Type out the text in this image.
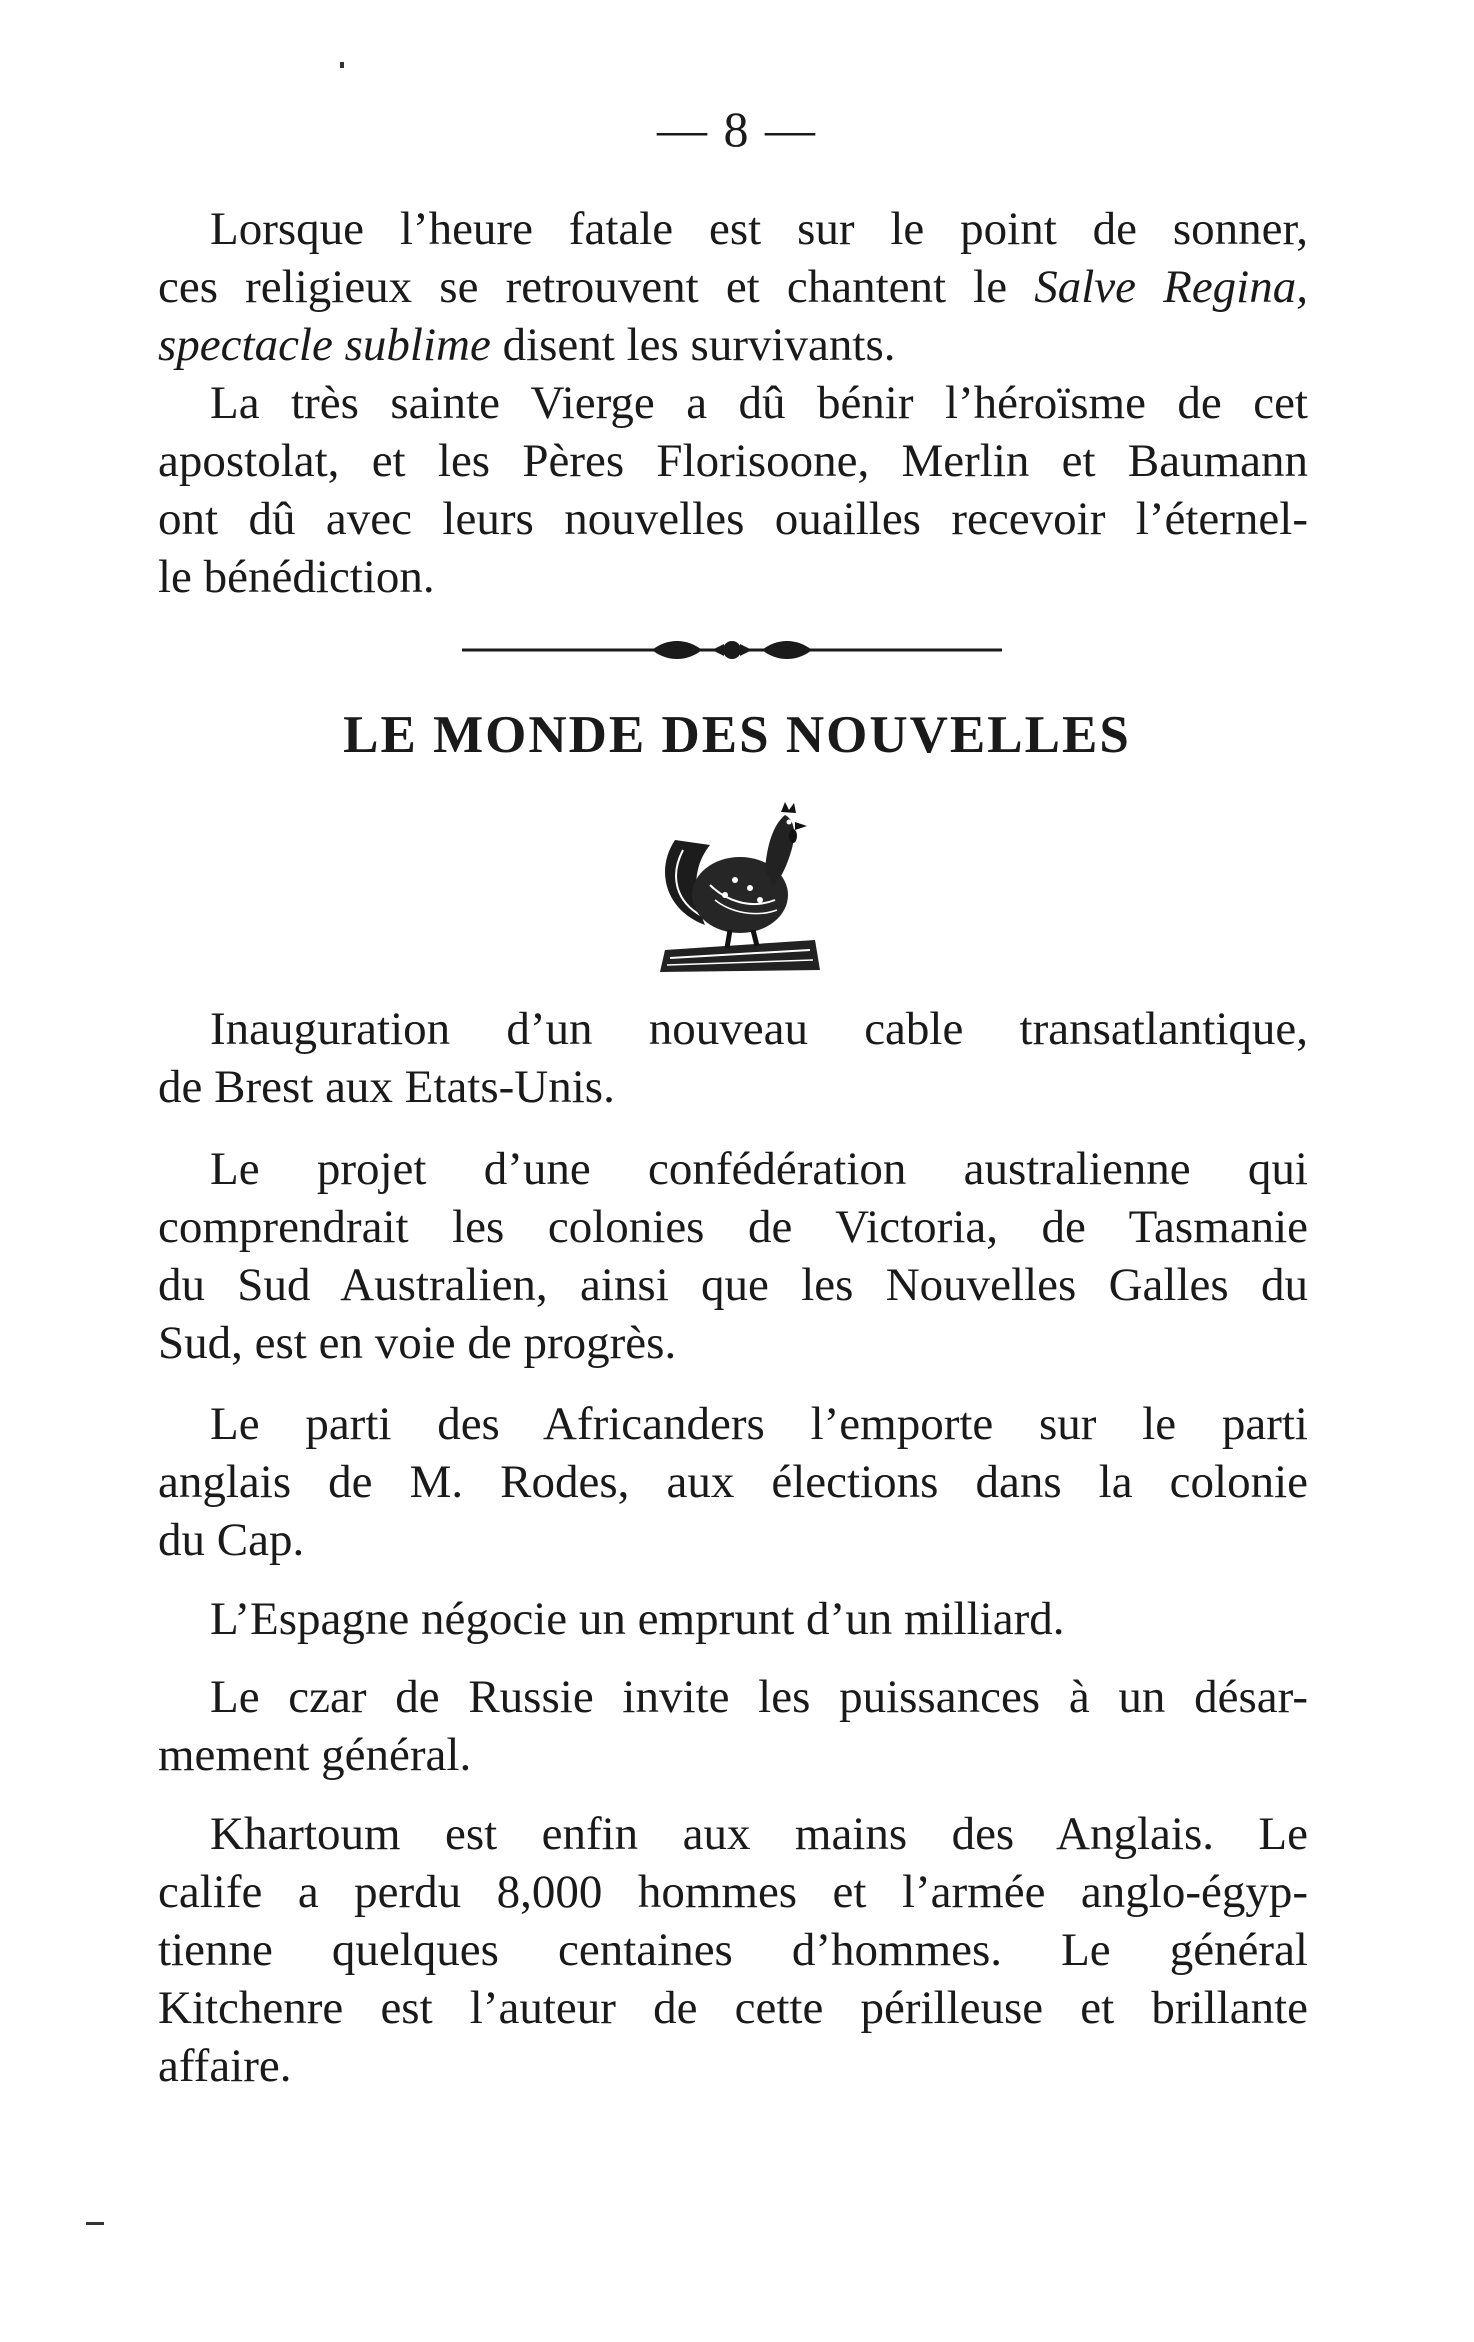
— 8 —
Lorsque l’heure fatale est sur le point de sonner,
ces religieux se retrouvent et chantent le Salve Regina,
spectacle sublime disent les survivants.
La très sainte Vierge a dû bénir l’héroïsme de cet
apostolat, et les Pères Florisoone, Merlin et Baumann
ont dû avec leurs nouvelles ouailles recevoir l’éternel-
le bénédiction.
LE MONDE DES NOUVELLES
Inauguration d’un nouveau cable transatlantique,
de Brest aux Etats-Unis.
Le projet d’une confédération australienne qui
comprendrait les colonies de Victoria, de Tasmanie
du Sud Australien, ainsi que les Nouvelles Galles du
Sud, est en voie de progrès.
Le parti des Africanders l’emporte sur le parti
anglais de M. Rodes, aux élections dans la colonie
du Cap.
L’Espagne négocie un emprunt d’un milliard.
Le czar de Russie invite les puissances à un désar-
mement général.
Khartoum est enfin aux mains des Anglais. Le
calife a perdu 8,000 hommes et l’armée anglo-égyp-
tienne quelques centaines d’hommes. Le général
Kitchenre est l’auteur de cette périlleuse et brillante
affaire.
